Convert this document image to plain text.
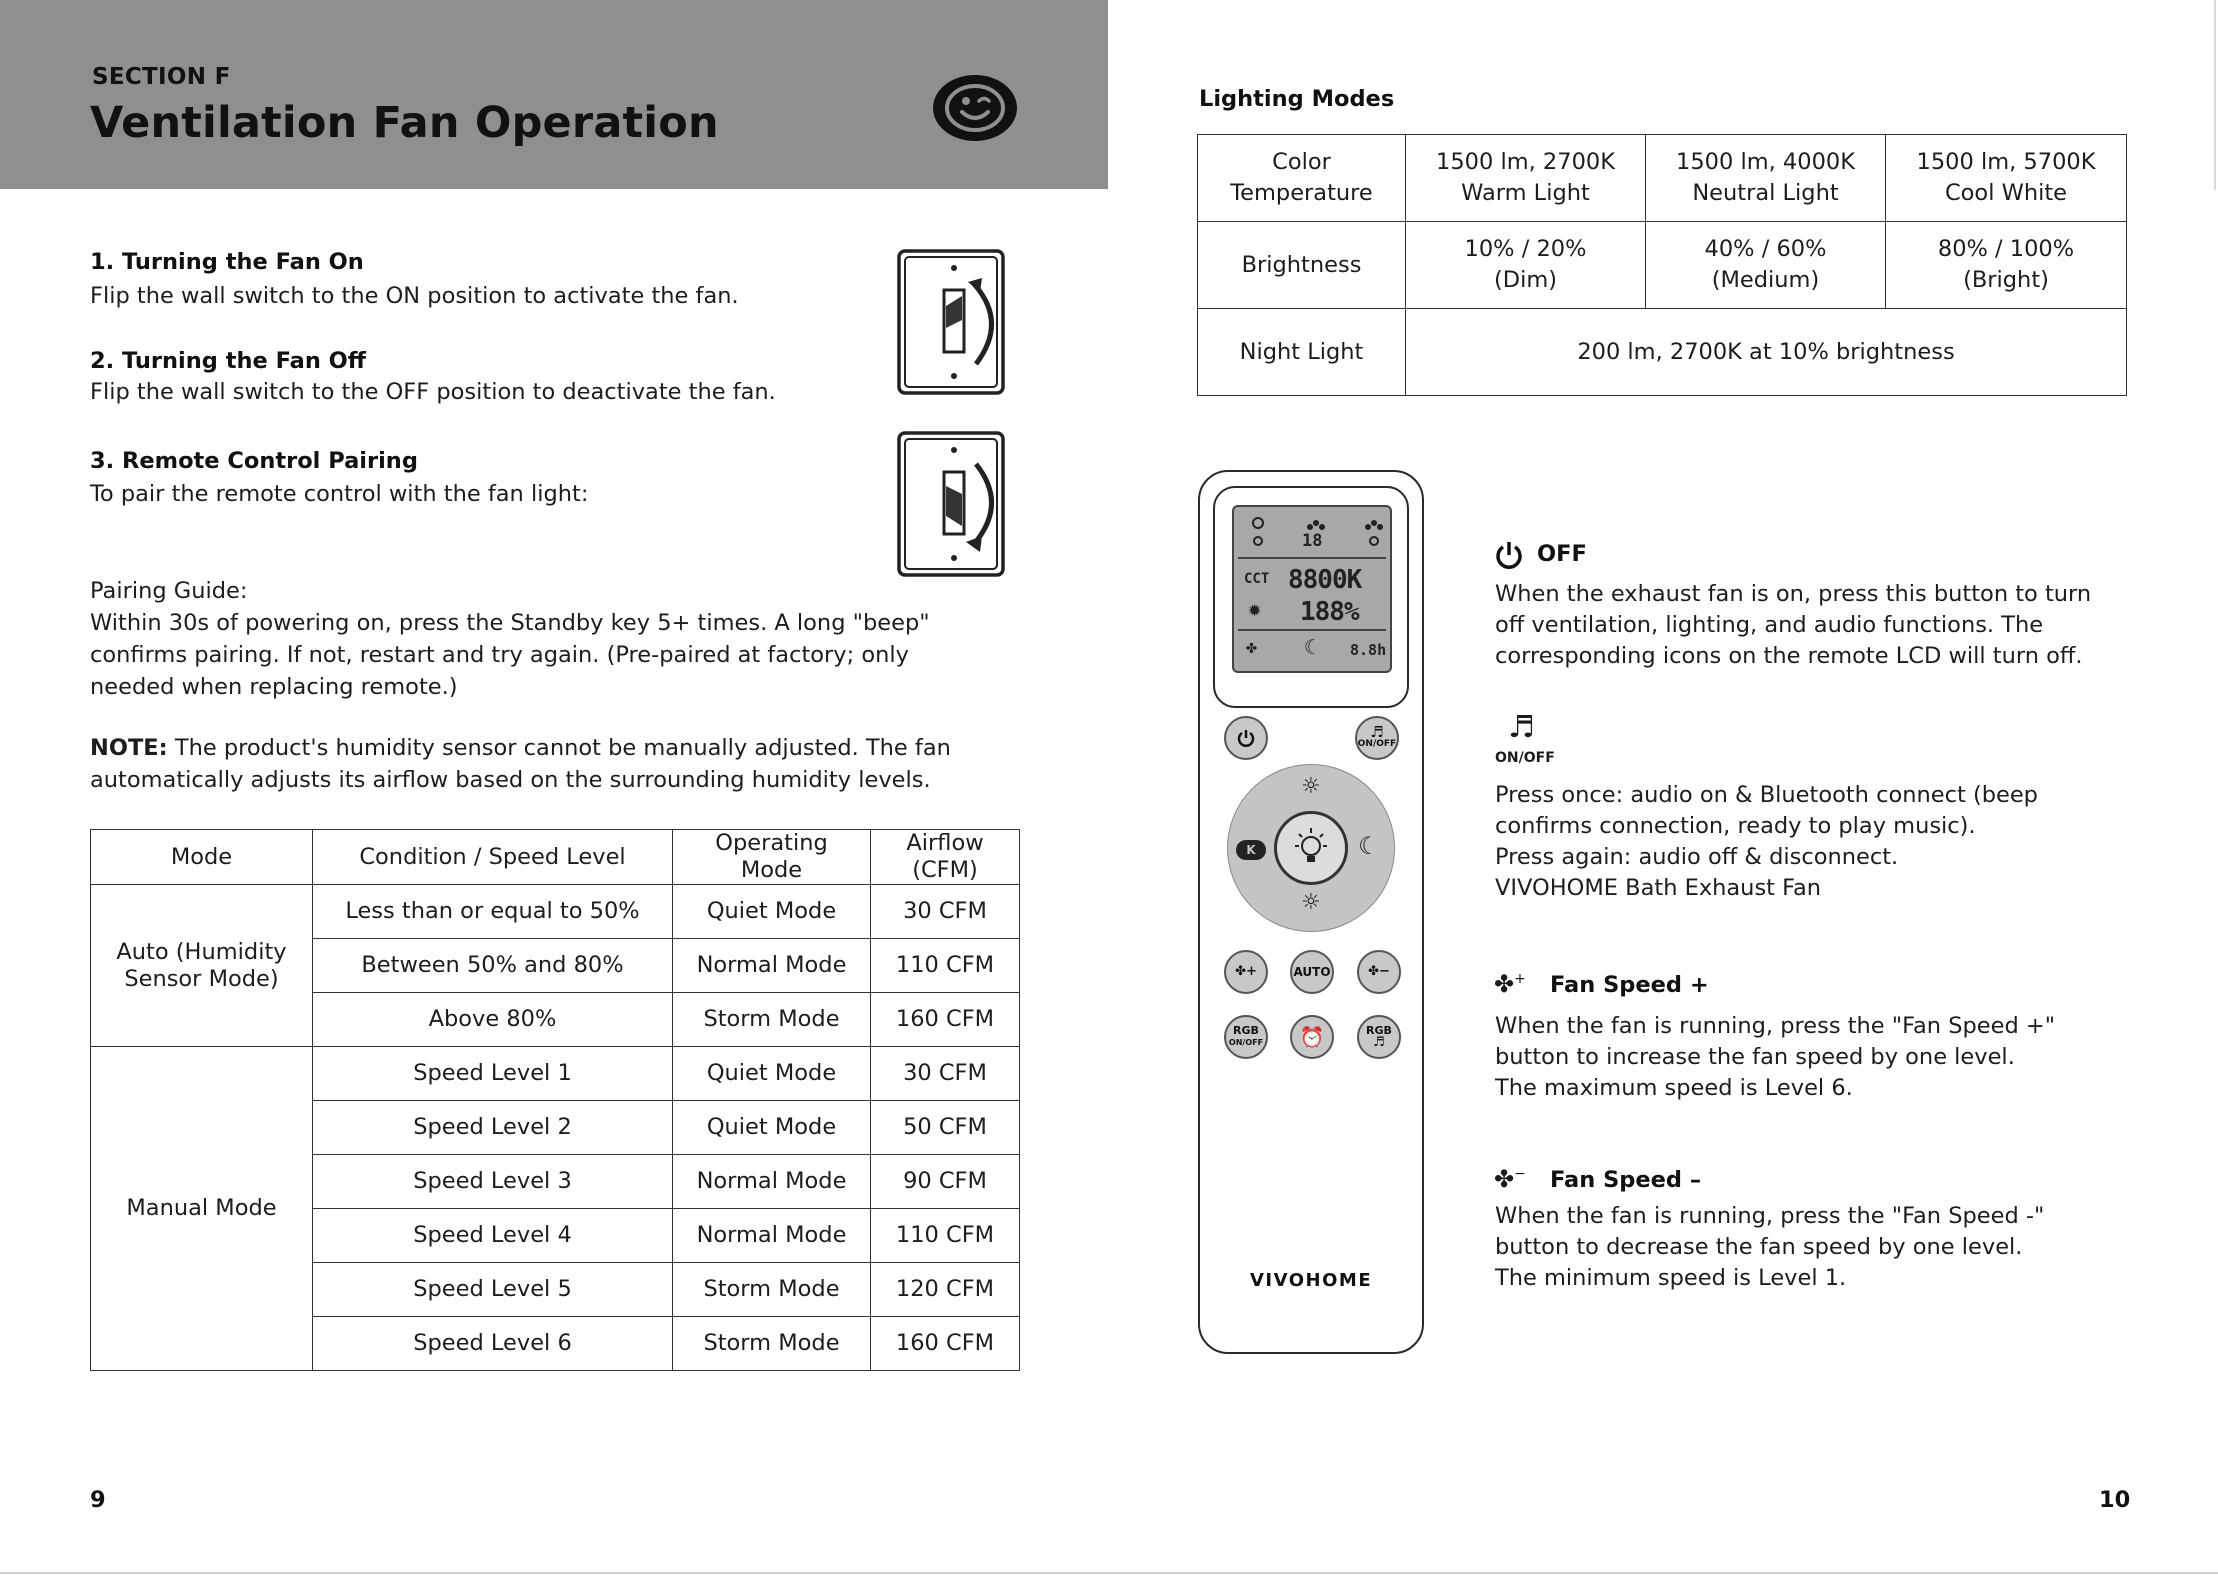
SECTION F
Ventilation Fan Operation
1. Turning the Fan On
Flip the wall switch to the ON position to activate the fan.
2. Turning the Fan Off
Flip the wall switch to the OFF position to deactivate the fan.
3. Remote Control Pairing
To pair the remote control with the fan light:
Pairing Guide:
Within 30s of powering on, press the Standby key 5+ times. A long "beep"
confirms pairing. If not, restart and try again. (Pre-paired at factory; only
needed when replacing remote.)
NOTE: The product's humidity sensor cannot be manually adjusted. The fan
automatically adjusts its airflow based on the surrounding humidity levels.
Mode	Condition / Speed Level	Operating Mode	Airflow (CFM)
Auto (Humidity Sensor Mode)	Less than or equal to 50%	Quiet Mode	30 CFM
	Between 50% and 80%	Normal Mode	110 CFM
	Above 80%	Storm Mode	160 CFM
Manual Mode	Speed Level 1	Quiet Mode	30 CFM
	Speed Level 2	Quiet Mode	50 CFM
	Speed Level 3	Normal Mode	90 CFM
	Speed Level 4	Normal Mode	110 CFM
	Speed Level 5	Storm Mode	120 CFM
	Speed Level 6	Storm Mode	160 CFM
9
Lighting Modes
Color Temperature	1500 lm, 2700K Warm Light	1500 lm, 4000K Neutral Light	1500 lm, 5700K Cool White
Brightness	10% / 20% (Dim)	40% / 60% (Medium)	80% / 100% (Bright)
Night Light	200 lm, 2700K at 10% brightness		
18
CCT 8800K
✹ 188%
✤ ☾ 8.8h
♬
ON/OFF
☼
☼
K	☾
✤+	AUTO	✤−
RGB
ON/OFF ⏰	RGB
♬
VIVOHOME
OFF
When the exhaust fan is on, press this button to turn
off ventilation, lighting, and audio functions. The
corresponding icons on the remote LCD will turn off.
♬
ON/OFF
Press once: audio on & Bluetooth connect (beep
confirms connection, ready to play music).
Press again: audio off & disconnect.
VIVOHOME Bath Exhaust Fan
✤+ Fan Speed +
When the fan is running, press the "Fan Speed +"
button to increase the fan speed by one level.
The maximum speed is Level 6.
✤− Fan Speed –
When the fan is running, press the "Fan Speed -"
button to decrease the fan speed by one level.
The minimum speed is Level 1.
10
